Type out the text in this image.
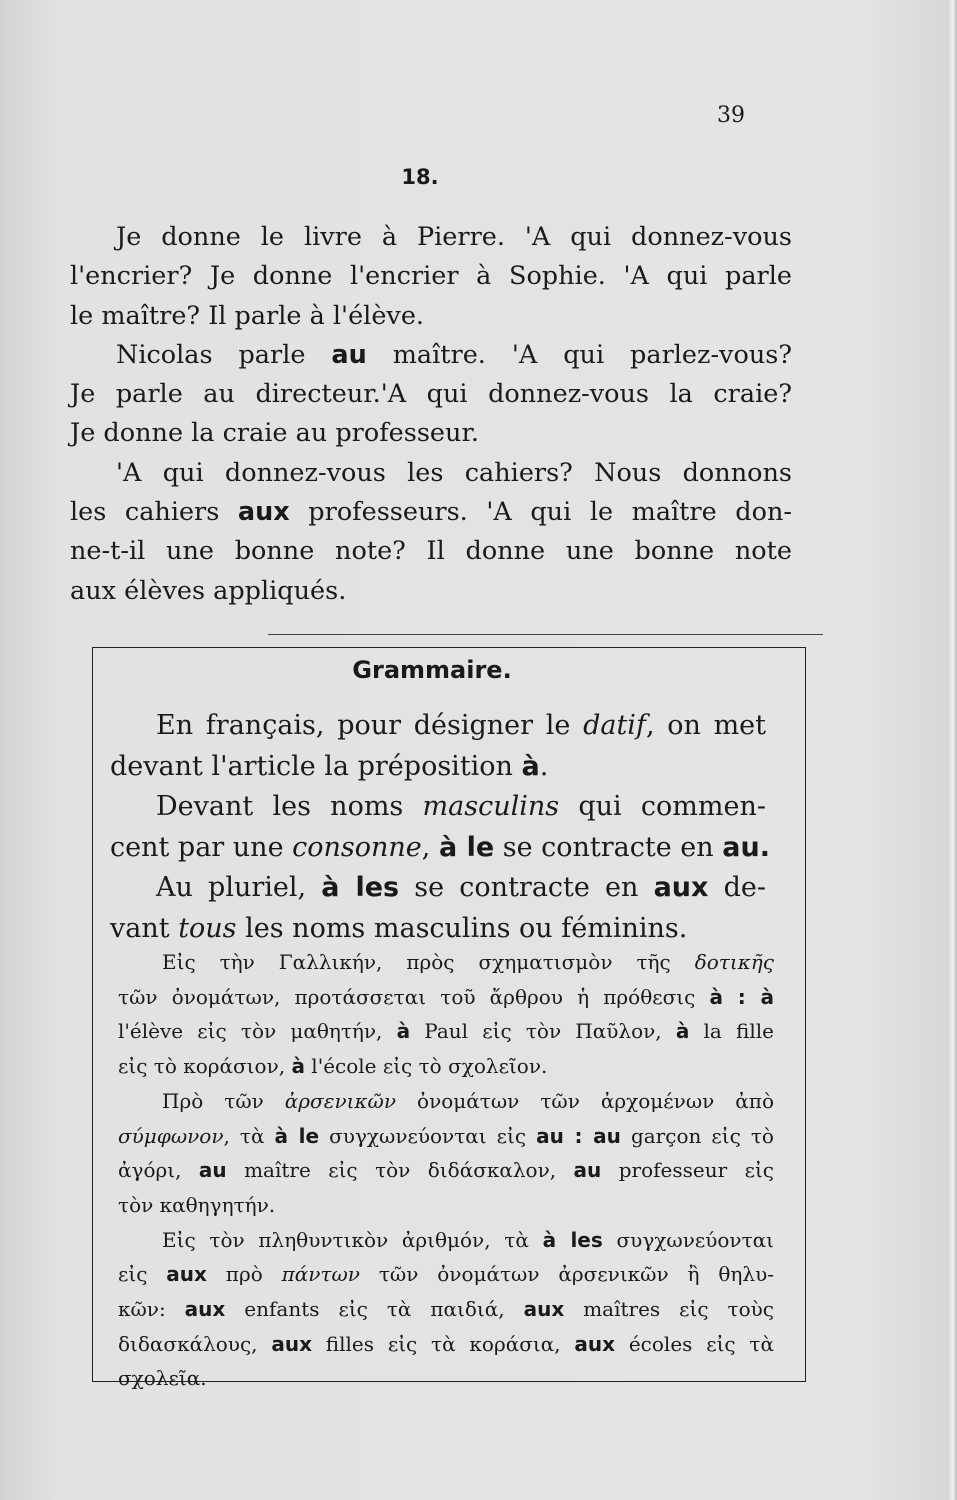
39
18.
Je donne le livre à Pierre. 'A qui donnez-vous
l'encrier? Je donne l'encrier à Sophie. 'A qui parle
le maître? Il parle à l'élève.
Nicolas parle au maître. 'A qui parlez-vous?
Je parle au directeur.'A qui donnez-vous la craie?
Je donne la craie au professeur.
'A qui donnez-vous les cahiers? Nous donnons
les cahiers aux professeurs. 'A qui le maître don-
ne-t-il une bonne note? Il donne une bonne note
aux élèves appliqués.
Grammaire.
En français, pour désigner le datif, on met
devant l'article la préposition à.
Devant les noms masculins qui commen-
cent par une consonne, à le se contracte en au.
Au pluriel, à les se contracte en aux de-
vant tous les noms masculins ou féminins.
Εἰς τὴν Γαλλικήν, πρὸς σχηματισμὸν τῆς δοτικῆς
τῶν ὀνομάτων, προτάσσεται τοῦ ἄρθρου ἡ πρόθεσις à : à
l'élève εἰς τὸν μαθητήν, à Paul εἰς τὸν Παῦλον, à la fille
εἰς τὸ κοράσιον, à l'école εἰς τὸ σχολεῖον.
Πρὸ τῶν ἀρσενικῶν ὀνομάτων τῶν ἀρχομένων ἀπὸ
σύμφωνον, τὰ à le συγχωνεύονται εἰς au : au garçon εἰς τὸ
ἀγόρι, au maître εἰς τὸν διδάσκαλον, au professeur εἰς
τὸν καθηγητήν.
Εἰς τὸν πληθυντικὸν ἀριθμόν, τὰ à les συγχωνεύονται
εἰς aux πρὸ πάντων τῶν ὀνομάτων ἀρσενικῶν ἢ θηλυ-
κῶν: aux enfants εἰς τὰ παιδιά, aux maîtres εἰς τοὺς
διδασκάλους, aux filles εἰς τὰ κοράσια, aux écoles εἰς τὰ
σχολεῖα.
